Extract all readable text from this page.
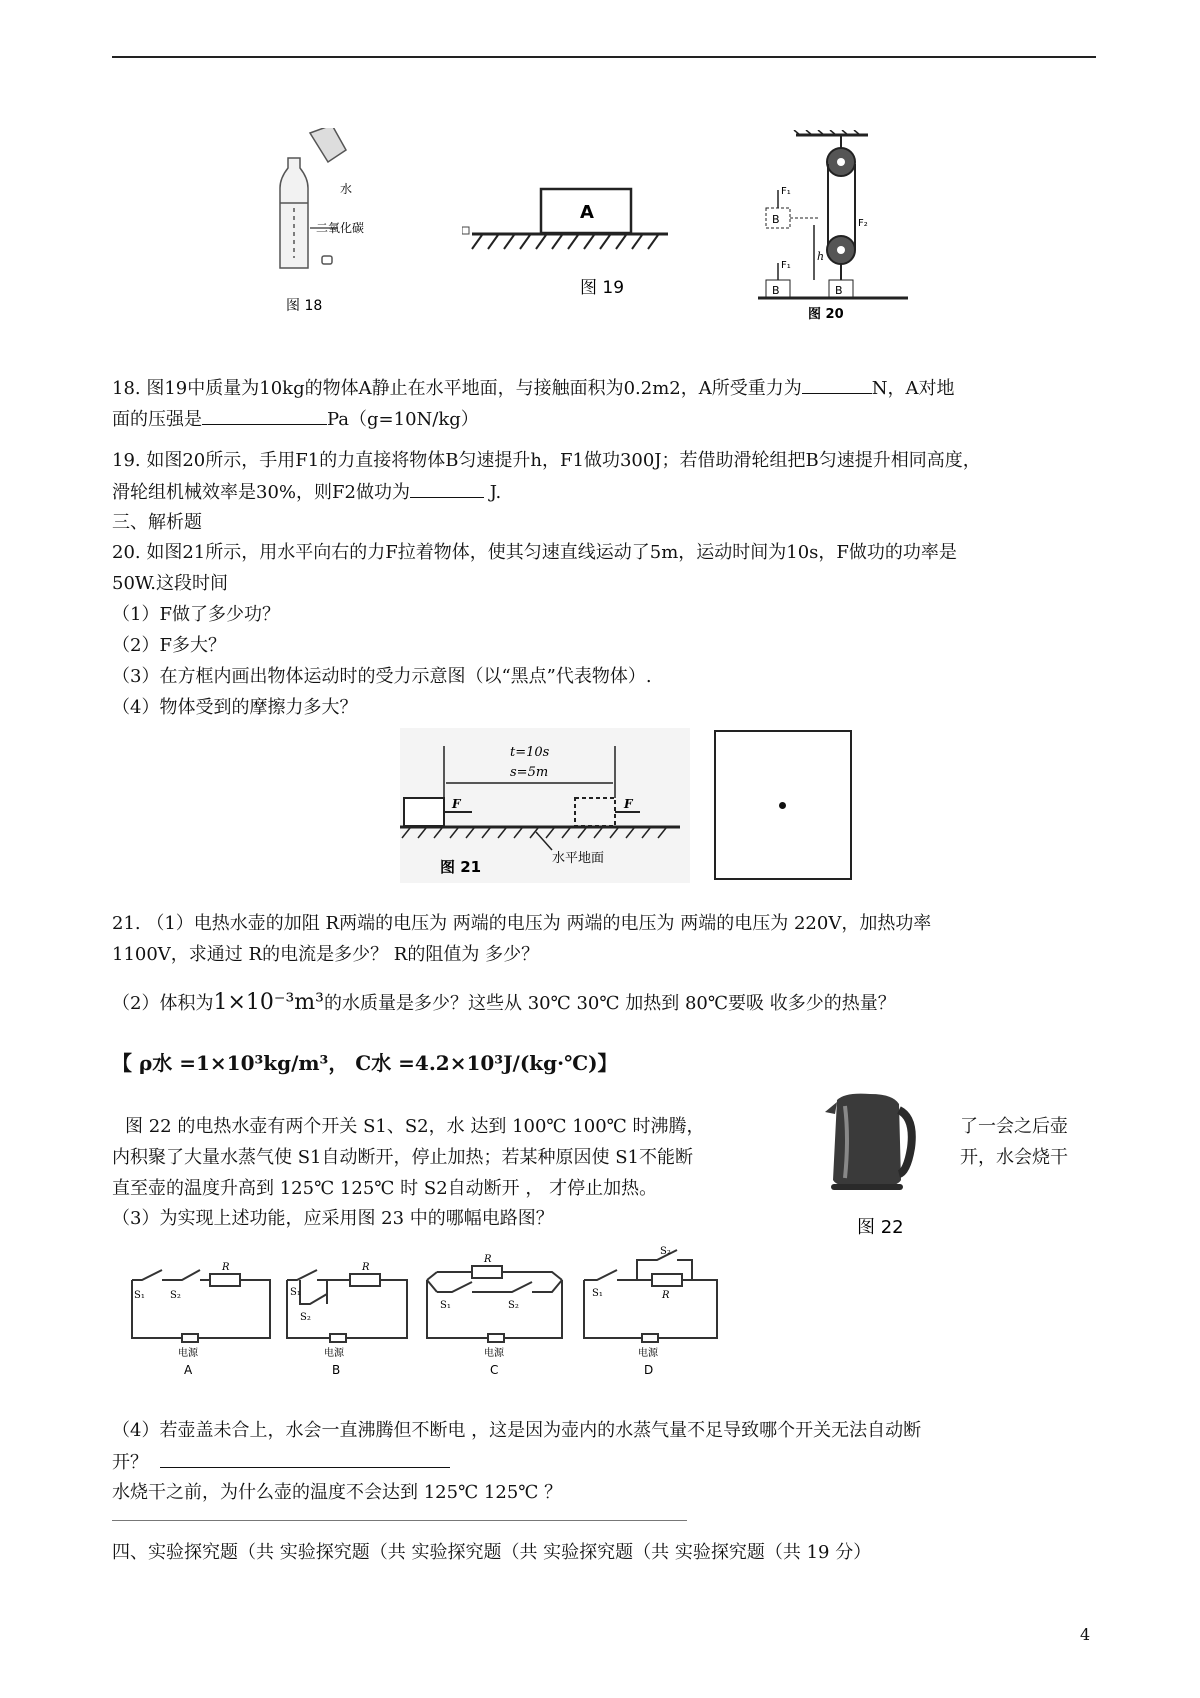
水
二氧化碳
图 18
A
图 19
F₂
B
F₁
h
B
F₁
B
图 20
18. 图19中质量为10kg的物体A静止在水平地面，与接触面积为0.2m2，A所受重力为	N，A对地
面的压强是	Pa（g=10N/kg）
19. 如图20所示，手用F1的力直接将物体B匀速提升h，F1做功300J；若借助滑轮组把B匀速提升相同高度，
滑轮组机械效率是30%，则F2做功为	J.
三、解析题
20. 如图21所示，用水平向右的力F拉着物体，使其匀速直线运动了5m，运动时间为10s，F做功的功率是
50W.这段时间
（1）F做了多少功？
（2）F多大？
（3）在方框内画出物体运动时的受力示意图（以“黑点”代表物体）.
（4）物体受到的摩擦力多大？
t=10s
s=5m
F	F
图 21	水平地面
21. （1）电热水壶的加阻 R两端的电压为 两端的电压为 两端的电压为 两端的电压为 220V，加热功率
1100V，求通过 R的电流是多少？ R的阻值为 多少？
（2）体积为1×10⁻³m³的水质量是多少？这些从 30℃ 30℃ 加热到 80℃要吸 收多少的热量？
【 ρ水 =1×10³kg/m³， C水 =4.2×10³J/(kg·℃)】
图 22 的电热水壶有两个开关 S1、S2，水 达到 100℃ 100℃ 时沸腾，	了一会之后壶
内积聚了大量水蒸气使 S1自动断开，停止加热；若某种原因使 S1不能断	开，水会烧干
直至壶的温度升高到 125℃ 125℃ 时 S2自动断开 ， 才停止加热。
（3）为实现上述功能，应采用图 23 中的哪幅电路图？	图 22
S₁	S₂
R
电源
A
S₁
S₂
R
电源
B
S₁	S₂
R
电源
C
S₁
S₂
R
电源
D
（4）若壶盖未合上，水会一直沸腾但不断电 ，这是因为壶内的水蒸气量不足导致哪个开关无法自动断
开？
水烧干之前，为什么壶的温度不会达到 125℃ 125℃ ？
四、实验探究题（共 实验探究题（共 实验探究题（共 实验探究题（共 实验探究题（共 19 分）
4
